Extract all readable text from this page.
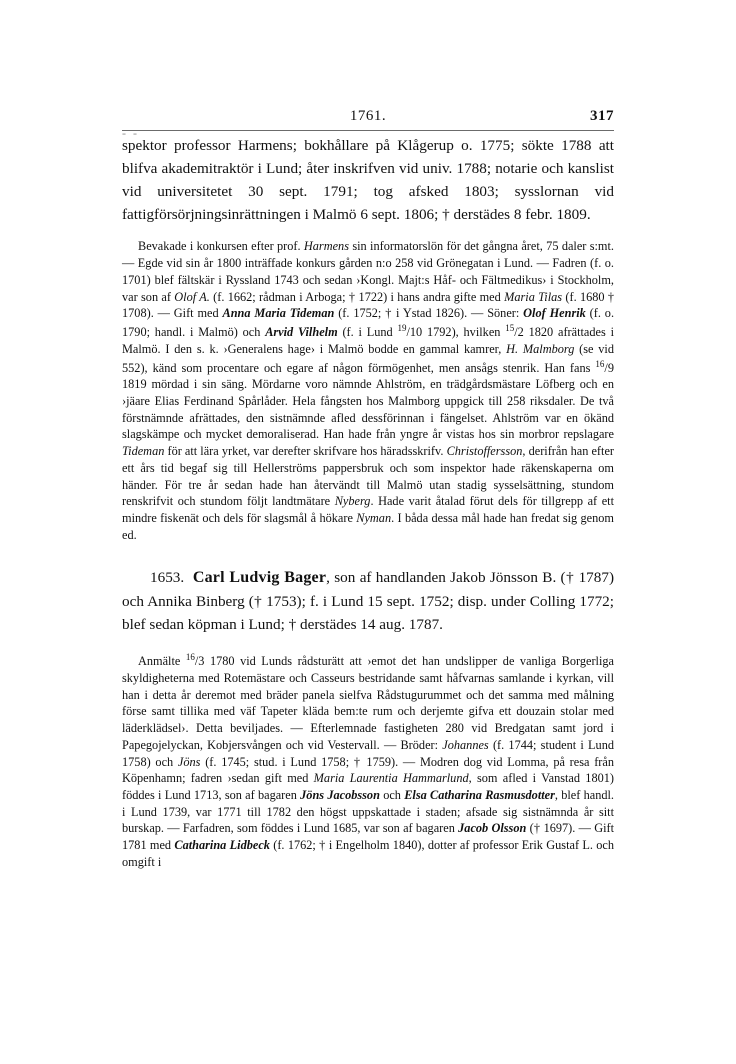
- -
1761.	317

spektor professor Harmens; bokhållare på Klågerup o. 1775; sökte 1788 att blifva akademitraktör i Lund; åter inskrifven vid univ. 1788; notarie och kanslist vid universitetet 30 sept. 1791; tog afsked 1803; sysslornan vid fattigförsörjningsinrättningen i Malmö 6 sept. 1806; † derstädes 8 febr. 1809.

Bevakade i konkursen efter prof. Harmens sin informatorslön för det gångna året, 75 daler s:mt. — Egde vid sin år 1800 inträffade konkurs gården n:o 258 vid Grönegatan i Lund. — Fadren (f. o. 1701) blef fältskär i Ryssland 1743 och sedan ›Kongl. Majt:s Håf- och Fältmedikus› i Stockholm, var son af Olof A. (f. 1662; rådman i Arboga; † 1722) i hans andra gifte med Maria Tilas (f. 1680 † 1708). — Gift med Anna Maria Tideman (f. 1752; † i Ystad 1826). — Söner: Olof Henrik (f. o. 1790; handl. i Malmö) och Arvid Vilhelm (f. i Lund $^{19}$/10 1792), hvilken $^{15}$/2 1820 afrättades i Malmö. I den s. k. ›Generalens hage› i Malmö bodde en gammal kamrer, H. Malmborg (se vid 552), känd som procentare och egare af någon förmögenhet, men ansågs stenrik. Han fans $^{16}$/9 1819 mördad i sin säng. Mördarne voro nämnde Ahlström, en trädgårdsmästare Löfberg och en ›jäare Elias Ferdinand Spårlåder. Hela fångsten hos Malmborg uppgick till 258 riksdaler. De två förstnämnde afrättades, den sistnämnde afled dessförinnan i fängelset. Ahlström var en ökänd slagskämpe och mycket demoraliserad. Han hade från yngre år vistas hos sin morbror repslagare Tideman för att lära yrket, var derefter skrifvare hos häradsskrifv. Christoffersson, derifrån han efter ett års tid begaf sig till Hellerströms pappersbruk och som inspektor hade räkenskaperna om händer. För tre år sedan hade han återvändt till Malmö utan stadig sysselsättning, stundom renskrifvit och stundom följt landtmätare Nyberg. Hade varit åtalad förut dels för tillgrepp af ett mindre fiskenät och dels för slagsmål å hökare Nyman. I båda dessa mål hade han fredat sig genom ed.

1653. Carl Ludvig Bager, son af handlanden Jakob Jönsson B. († 1787) och Annika Binberg († 1753); f. i Lund 15 sept. 1752; disp. under Colling 1772; blef sedan köpman i Lund; † derstädes 14 aug. 1787.

Anmälte $^{16}$/3 1780 vid Lunds rådsturätt att ›emot det han undslipper de vanliga Borgerliga skyldigheterna med Rotemästare och Casseurs bestridande samt håfvarnas samlande i kyrkan, vill han i detta år deremot med bräder panela sielfva Rådstugurummet och det samma med målning förse samt tillika med väf Tapeter kläda bem:te rum och derjemte gifva ett douzain stolar med läderklädsel›. Detta beviljades. — Efterlemnade fastigheten 280 vid Bredgatan samt jord i Papegojelyckan, Kobjersvången och vid Vestervall. — Bröder: Johannes (f. 1744; student i Lund 1758) och Jöns (f. 1745; stud. i Lund 1758; † 1759). — Modren dog vid Lomma, på resa från Köpenhamn; fadren ›sedan gift med Maria Laurentia Hammarlund, som afled i Vanstad 1801) föddes i Lund 1713, son af bagaren Jöns Jacobsson och Elsa Catharina Rasmusdotter, blef handl. i Lund 1739, var 1771 till 1782 den högst uppskattade i staden; afsade sig sistnämnda år sitt burskap. — Farfadren, som föddes i Lund 1685, var son af bagaren Jacob Olsson († 1697). — Gift 1781 med Catharina Lidbeck (f. 1762; † i Engelholm 1840), dotter af professor Erik Gustaf L. och omgift i
